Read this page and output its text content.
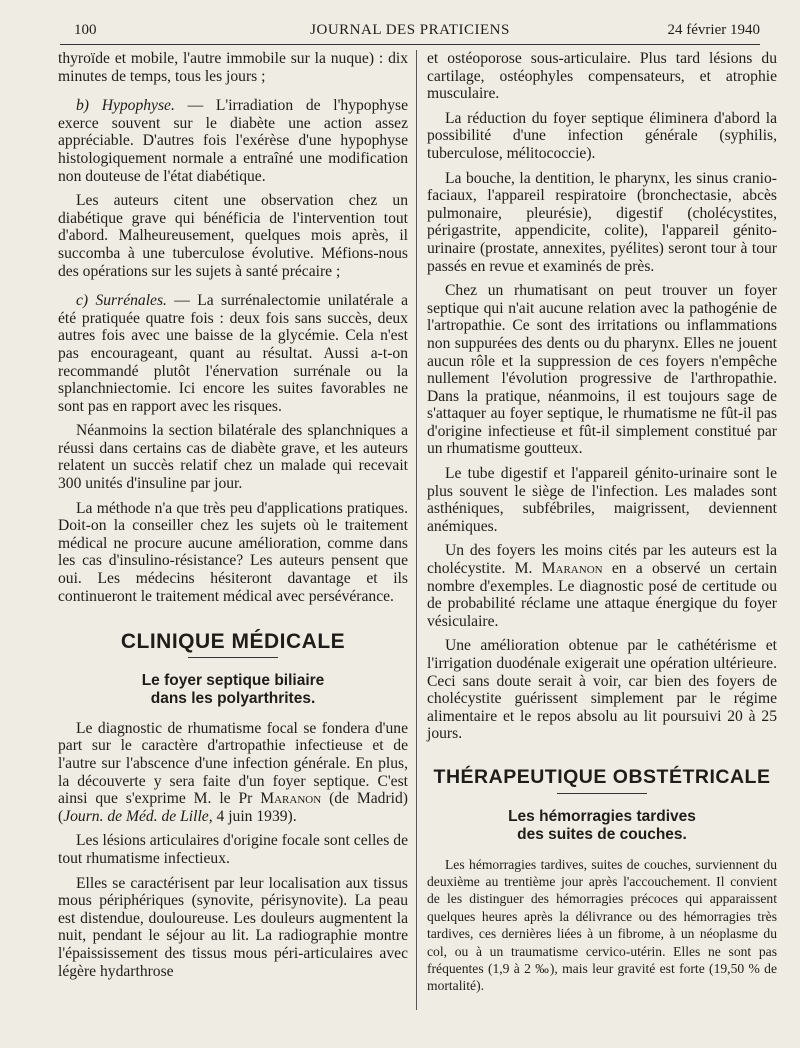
100	JOURNAL DES PRATICIENS	24 février 1940

thyroïde et mobile, l'autre immobile sur la nuque) : dix minutes de temps, tous les jours ;

b) Hypophyse. — L'irradiation de l'hypophyse exerce souvent sur le diabète une action assez appréciable. D'autres fois l'exérèse d'une hypophyse histologiquement normale a entraîné une modification non douteuse de l'état diabétique.

Les auteurs citent une observation chez un diabétique grave qui bénéficia de l'intervention tout d'abord. Malheureusement, quelques mois après, il succomba à une tuberculose évolutive. Méfions-nous des opérations sur les sujets à santé précaire ;

c) Surrénales. — La surrénalectomie unilatérale a été pratiquée quatre fois : deux fois sans succès, deux autres fois avec une baisse de la glycémie. Cela n'est pas encourageant, quant au résultat. Aussi a-t-on recommandé plutôt l'énervation surrénale ou la splanchniectomie. Ici encore les suites favorables ne sont pas en rapport avec les risques.

Néanmoins la section bilatérale des splanchniques a réussi dans certains cas de diabète grave, et les auteurs relatent un succès relatif chez un malade qui recevait 300 unités d'insuline par jour.

La méthode n'a que très peu d'applications pratiques. Doit-on la conseiller chez les sujets où le traitement médical ne procure aucune amélioration, comme dans les cas d'insulino-résistance? Les auteurs pensent que oui. Les médecins hésiteront davantage et ils continueront le traitement médical avec persévérance.

CLINIQUE MÉDICALE
Le foyer septique biliaire
dans les polyarthrites.

Le diagnostic de rhumatisme focal se fondera d'une part sur le caractère d'artropathie infectieuse et de l'autre sur l'abscence d'une infection générale. En plus, la découverte y sera faite d'un foyer septique. C'est ainsi que s'exprime M. le Pr Maranon (de Madrid) (Journ. de Méd. de Lille, 4 juin 1939).

Les lésions articulaires d'origine focale sont celles de tout rhumatisme infectieux.

Elles se caractérisent par leur localisation aux tissus mous périphériques (synovite, périsynovite). La peau est distendue, douloureuse. Les douleurs augmentent la nuit, pendant le séjour au lit. La radiographie montre l'épaississement des tissus mous péri-articulaires avec légère hydarthrose

et ostéoporose sous-articulaire. Plus tard lésions du cartilage, ostéophyles compensateurs, et atrophie musculaire.

La réduction du foyer septique éliminera d'abord la possibilité d'une infection générale (syphilis, tuberculose, mélitococcie).

La bouche, la dentition, le pharynx, les sinus cranio-faciaux, l'appareil respiratoire (bronchectasie, abcès pulmonaire, pleurésie), digestif (cholécystites, périgastrite, appendicite, colite), l'appareil génito-urinaire (prostate, annexites, pyélites) seront tour à tour passés en revue et examinés de près.

Chez un rhumatisant on peut trouver un foyer septique qui n'ait aucune relation avec la pathogénie de l'artropathie. Ce sont des irritations ou inflammations non suppurées des dents ou du pharynx. Elles ne jouent aucun rôle et la suppression de ces foyers n'empêche nullement l'évolution progressive de l'arthropathie. Dans la pratique, néanmoins, il est toujours sage de s'attaquer au foyer septique, le rhumatisme ne fût-il pas d'origine infectieuse et fût-il simplement constitué par un rhumatisme goutteux.

Le tube digestif et l'appareil génito-urinaire sont le plus souvent le siège de l'infection. Les malades sont asthéniques, subfébriles, maigrissent, deviennent anémiques.

Un des foyers les moins cités par les auteurs est la cholécystite. M. Maranon en a observé un certain nombre d'exemples. Le diagnostic posé de certitude ou de probabilité réclame une attaque énergique du foyer vésiculaire.

Une amélioration obtenue par le cathétérisme et l'irrigation duodénale exigerait une opération ultérieure. Ceci sans doute serait à voir, car bien des foyers de cholécystite guérissent simplement par le régime alimentaire et le repos absolu au lit poursuivi 20 à 25 jours.

THÉRAPEUTIQUE OBSTÉTRICALE
Les hémorragies tardives
des suites de couches.

Les hémorragies tardives, suites de couches, surviennent du deuxième au trentième jour après l'accouchement. Il convient de les distinguer des hémorragies précoces qui apparaissent quelques heures après la délivrance ou des hémorragies très tardives, ces dernières liées à un fibrome, à un néoplasme du col, ou à un traumatisme cervico-utérin. Elles ne sont pas fréquentes (1,9 à 2 ‰), mais leur gravité est forte (19,50 % de mortalité).
